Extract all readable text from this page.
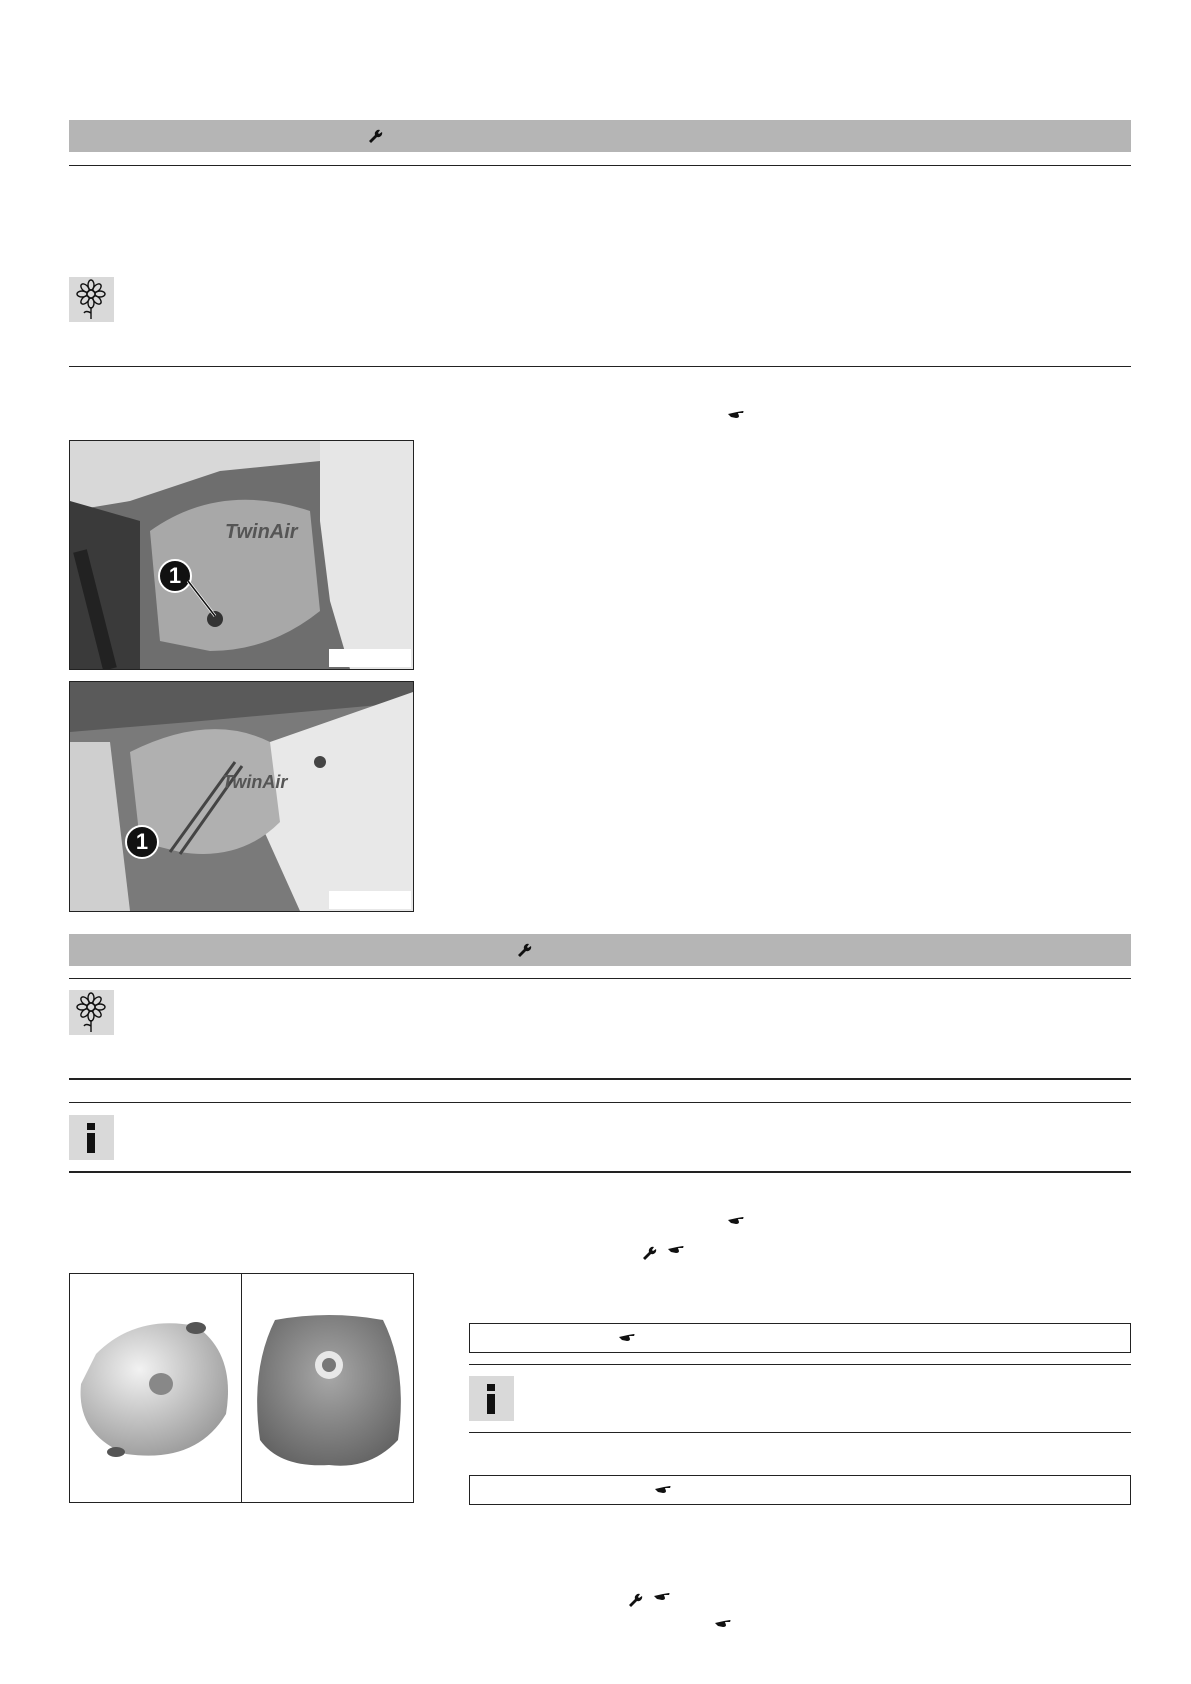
TwinAir
1
TwinAir
1
